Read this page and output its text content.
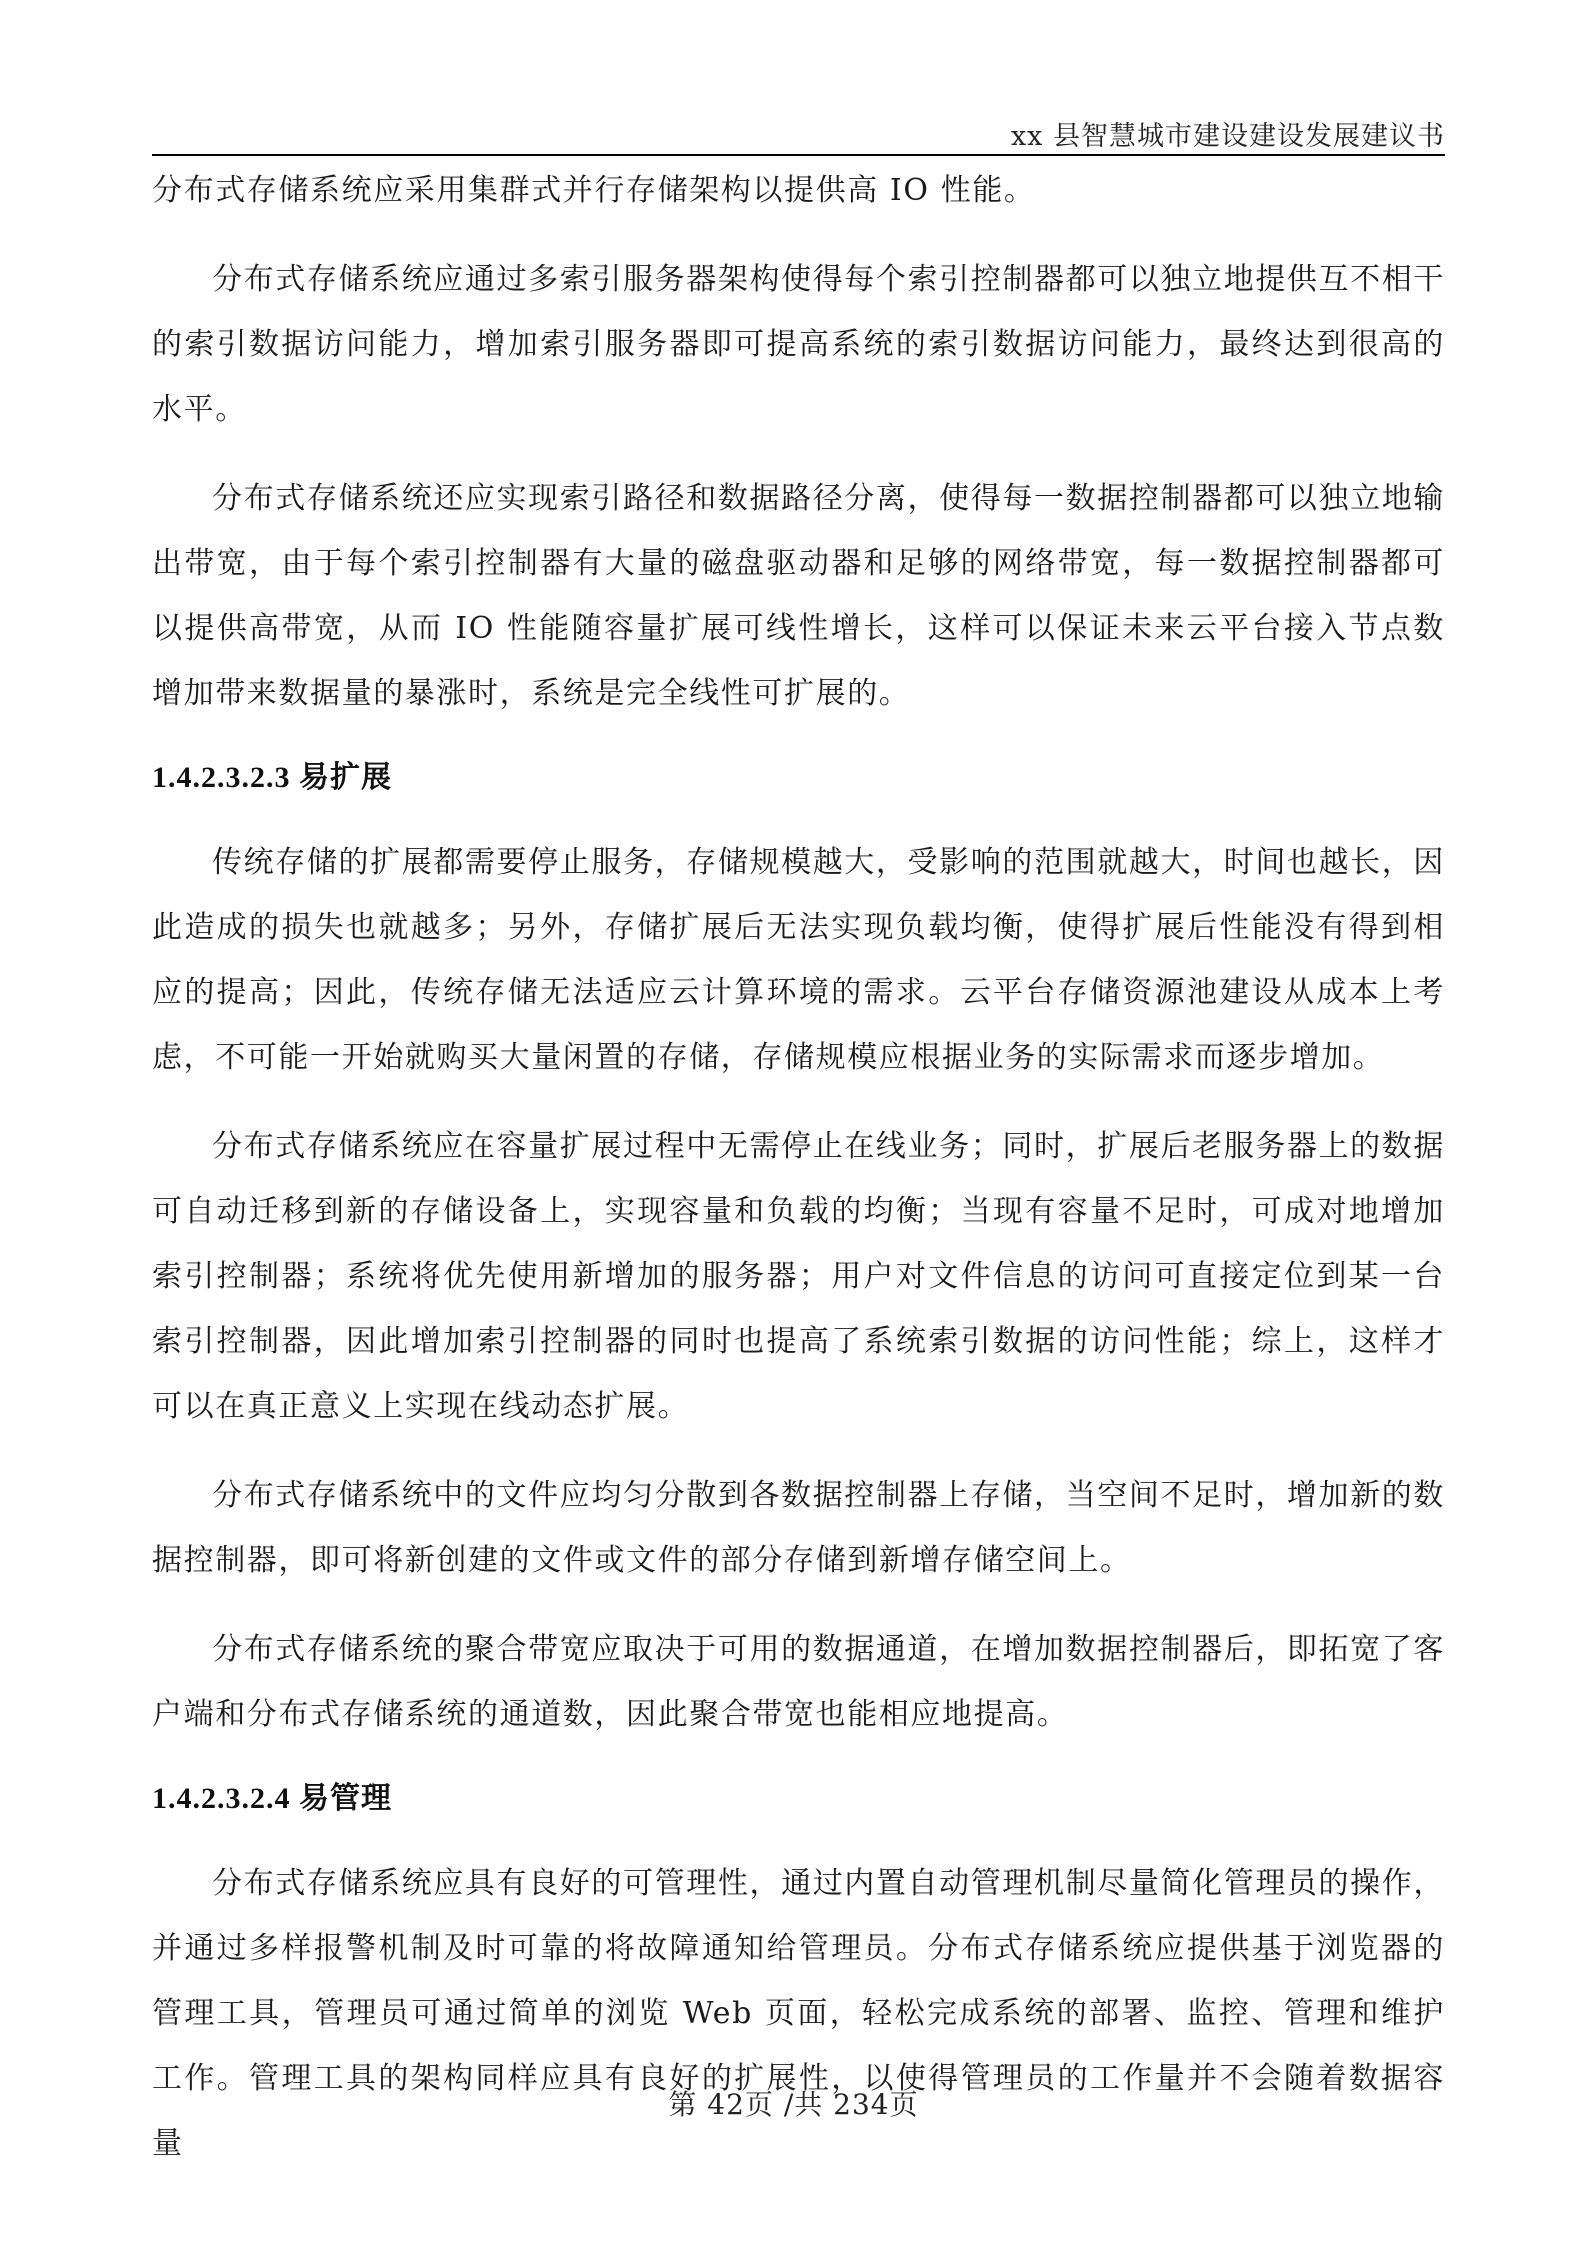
xx 县智慧城市建设建设发展建议书

分布式存储系统应采用集群式并行存储架构以提供高 IO 性能。

分布式存储系统应通过多索引服务器架构使得每个索引控制器都可以独立地提供互不相干的索引数据访问能力，增加索引服务器即可提高系统的索引数据访问能力，最终达到很高的水平。

分布式存储系统还应实现索引路径和数据路径分离，使得每一数据控制器都可以独立地输出带宽，由于每个索引控制器有大量的磁盘驱动器和足够的网络带宽，每一数据控制器都可以提供高带宽，从而 IO 性能随容量扩展可线性增长，这样可以保证未来云平台接入节点数增加带来数据量的暴涨时，系统是完全线性可扩展的。

1.4.2.3.2.3 易扩展

传统存储的扩展都需要停止服务，存储规模越大，受影响的范围就越大，时间也越长，因此造成的损失也就越多；另外，存储扩展后无法实现负载均衡，使得扩展后性能没有得到相应的提高；因此，传统存储无法适应云计算环境的需求。云平台存储资源池建设从成本上考虑，不可能一开始就购买大量闲置的存储，存储规模应根据业务的实际需求而逐步增加。

分布式存储系统应在容量扩展过程中无需停止在线业务；同时，扩展后老服务器上的数据可自动迁移到新的存储设备上，实现容量和负载的均衡；当现有容量不足时，可成对地增加索引控制器；系统将优先使用新增加的服务器；用户对文件信息的访问可直接定位到某一台索引控制器，因此增加索引控制器的同时也提高了系统索引数据的访问性能；综上，这样才可以在真正意义上实现在线动态扩展。

分布式存储系统中的文件应均匀分散到各数据控制器上存储，当空间不足时，增加新的数据控制器，即可将新创建的文件或文件的部分存储到新增存储空间上。

分布式存储系统的聚合带宽应取决于可用的数据通道，在增加数据控制器后，即拓宽了客户端和分布式存储系统的通道数，因此聚合带宽也能相应地提高。

1.4.2.3.2.4 易管理

分布式存储系统应具有良好的可管理性，通过内置自动管理机制尽量简化管理员的操作，并通过多样报警机制及时可靠的将故障通知给管理员。分布式存储系统应提供基于浏览器的管理工具，管理员可通过简单的浏览 Web 页面，轻松完成系统的部署、监控、管理和维护工作。管理工具的架构同样应具有良好的扩展性，以使得管理员的工作量并不会随着数据容量

第 42页 /共 234页
